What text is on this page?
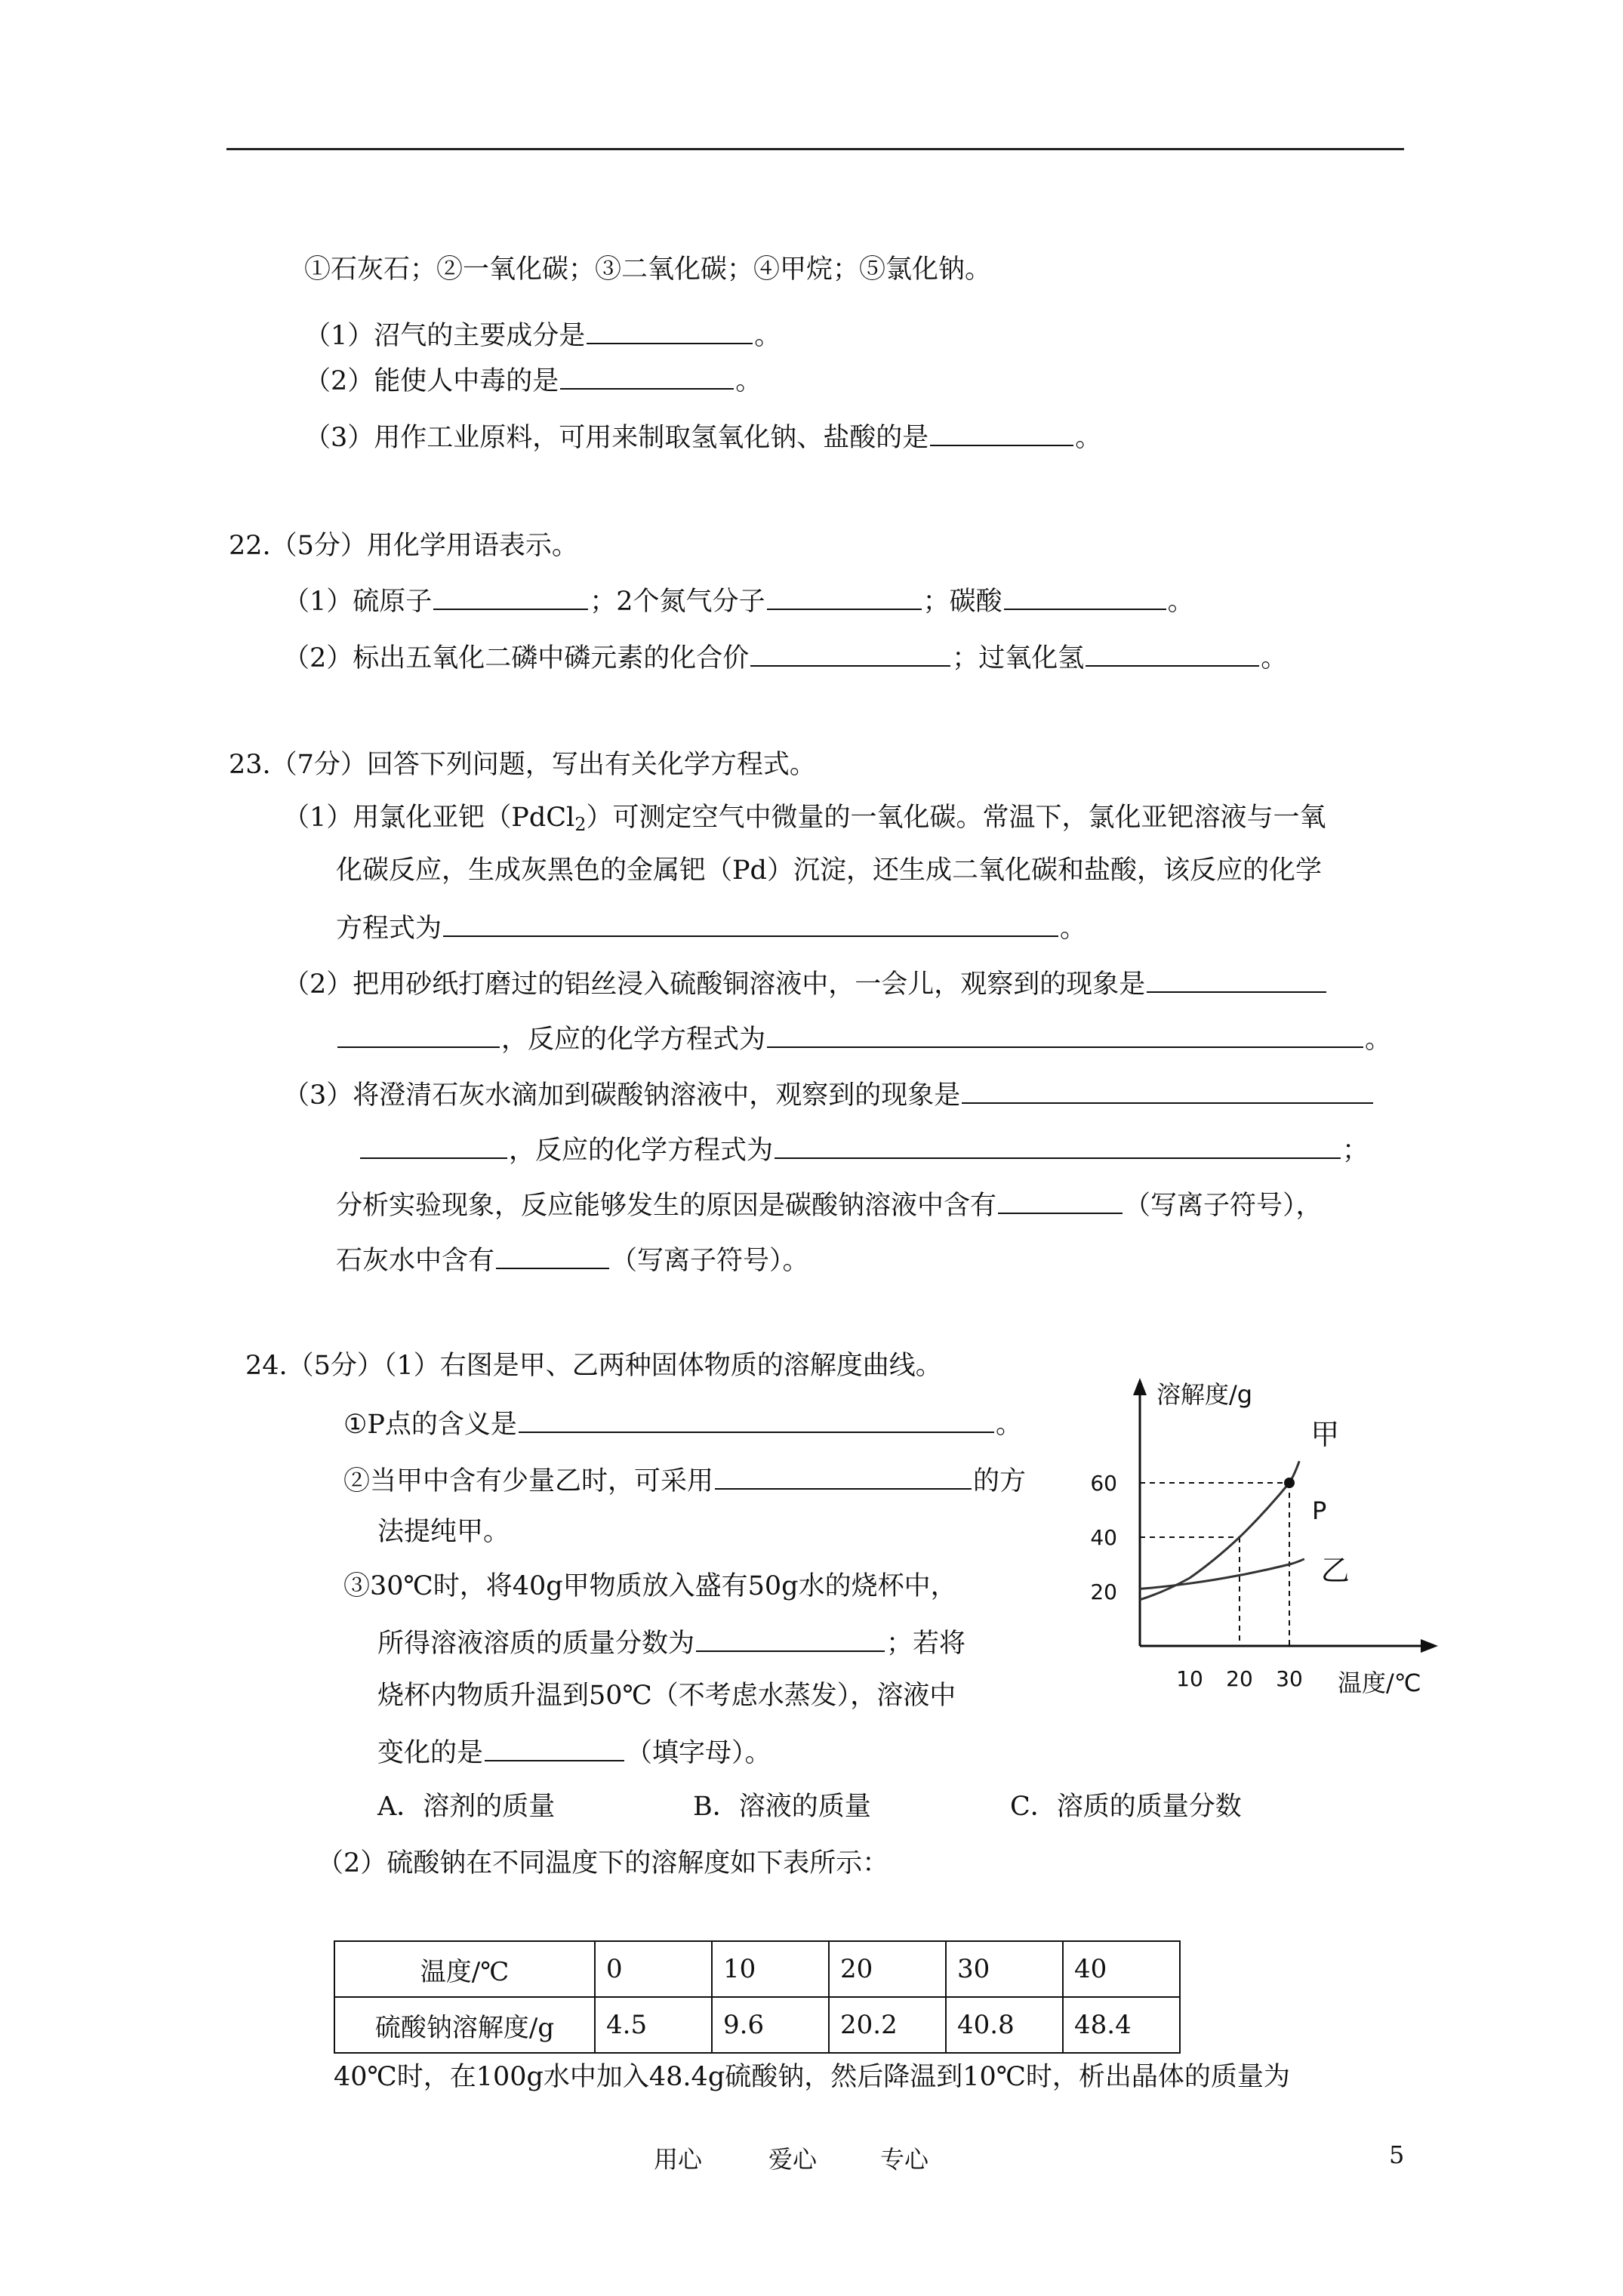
①石灰石；②一氧化碳；③二氧化碳；④甲烷；⑤氯化钠。
（1）沼气的主要成分是	。
（2）能使人中毒的是	。
（3）用作工业原料，可用来制取氢氧化钠、盐酸的是	。
22.（5分）用化学用语表示。
（1）硫原子	；2个氮气分子	；碳酸	。
（2）标出五氧化二磷中磷元素的化合价	；过氧化氢	。
23.（7分）回答下列问题，写出有关化学方程式。
（1）用氯化亚钯（PdCl$_2$）可测定空气中微量的一氧化碳。常温下，氯化亚钯溶液与一氧
化碳反应，生成灰黑色的金属钯（Pd）沉淀，还生成二氧化碳和盐酸，该反应的化学
方程式为	。
（2）把用砂纸打磨过的铝丝浸入硫酸铜溶液中，一会儿，观察到的现象是
，反应的化学方程式为	。
（3）将澄清石灰水滴加到碳酸钠溶液中，观察到的现象是
，反应的化学方程式为	；
分析实验现象，反应能够发生的原因是碳酸钠溶液中含有	（写离子符号），
石灰水中含有	（写离子符号）。
24.（5分）（1）右图是甲、乙两种固体物质的溶解度曲线。
①P点的含义是	。
②当甲中含有少量乙时，可采用	的方
法提纯甲。
③30℃时，将40g甲物质放入盛有50g水的烧杯中，
所得溶液溶质的质量分数为	；若将
烧杯内物质升温到50℃（不考虑水蒸发），溶液中
变化的是	（填字母）。
A．溶剂的质量	B．溶液的质量	C．溶质的质量分数
（2）硫酸钠在不同温度下的溶解度如下表所示：
溶解度/g
温度/℃
10 20 30
20
40
60
甲
乙
P
温度/℃	0	10	20	30	40
硫酸钠溶解度/g	4.5	9.6	20.2	40.8	48.4
40℃时，在100g水中加入48.4g硫酸钠，然后降温到10℃时，析出晶体的质量为
用心	爱心	专心	5
